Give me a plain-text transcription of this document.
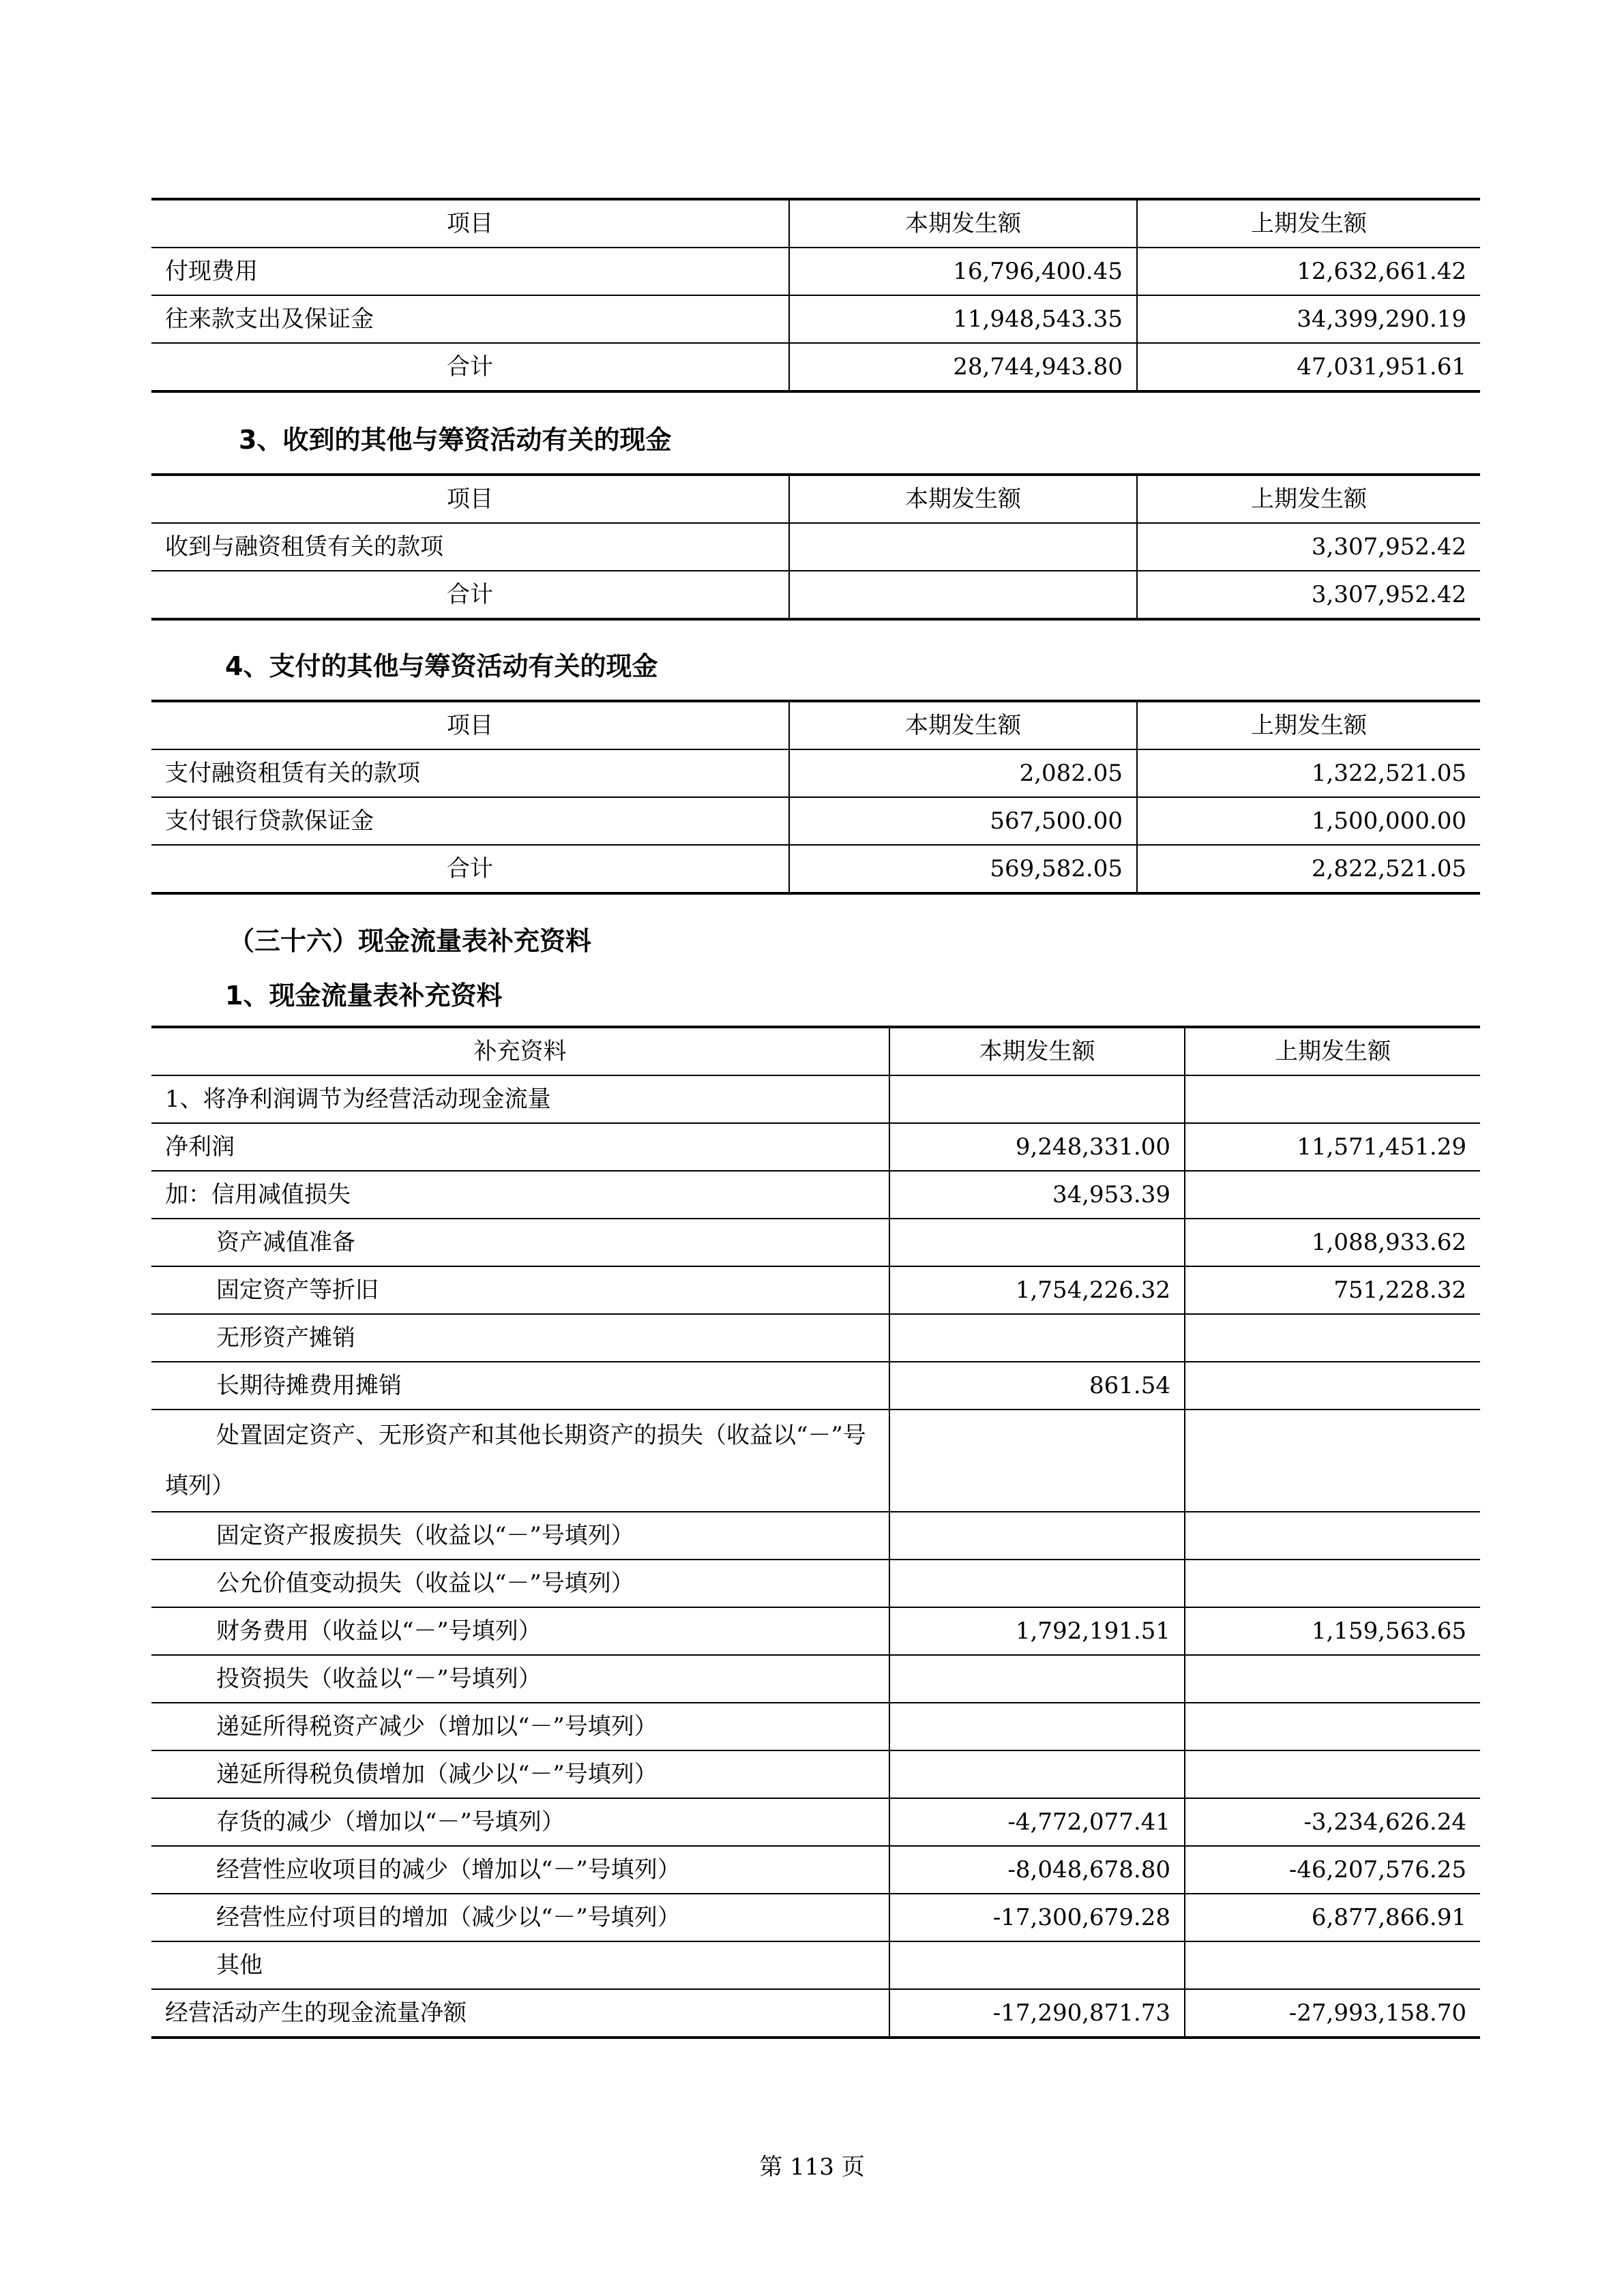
项目	本期发生额	上期发生额
付现费用	16,796,400.45	12,632,661.42
往来款支出及保证金	11,948,543.35	34,399,290.19
合计	28,744,943.80	47,031,951.61
3、收到的其他与筹资活动有关的现金
项目	本期发生额	上期发生额
收到与融资租赁有关的款项		3,307,952.42
合计		3,307,952.42
4、支付的其他与筹资活动有关的现金
项目	本期发生额	上期发生额
支付融资租赁有关的款项	2,082.05	1,322,521.05
支付银行贷款保证金	567,500.00	1,500,000.00
合计	569,582.05	2,822,521.05
（三十六）现金流量表补充资料
1、现金流量表补充资料
补充资料	本期发生额	上期发生额
1、将净利润调节为经营活动现金流量		
净利润	9,248,331.00	11,571,451.29
加：信用减值损失	34,953.39	
资产减值准备		1,088,933.62
固定资产等折旧	1,754,226.32	751,228.32
无形资产摊销		
长期待摊费用摊销	861.54	
处置固定资产、无形资产和其他长期资产的损失（收益以“－”号填列）		
固定资产报废损失（收益以“－”号填列）		
公允价值变动损失（收益以“－”号填列）		
财务费用（收益以“－”号填列）	1,792,191.51	1,159,563.65
投资损失（收益以“－”号填列）		
递延所得税资产减少（增加以“－”号填列）		
递延所得税负债增加（减少以“－”号填列）		
存货的减少（增加以“－”号填列）	-4,772,077.41	-3,234,626.24
经营性应收项目的减少（增加以“－”号填列）	-8,048,678.80	-46,207,576.25
经营性应付项目的增加（减少以“－”号填列）	-17,300,679.28	6,877,866.91
其他		
经营活动产生的现金流量净额	-17,290,871.73	-27,993,158.70
第 113 页
